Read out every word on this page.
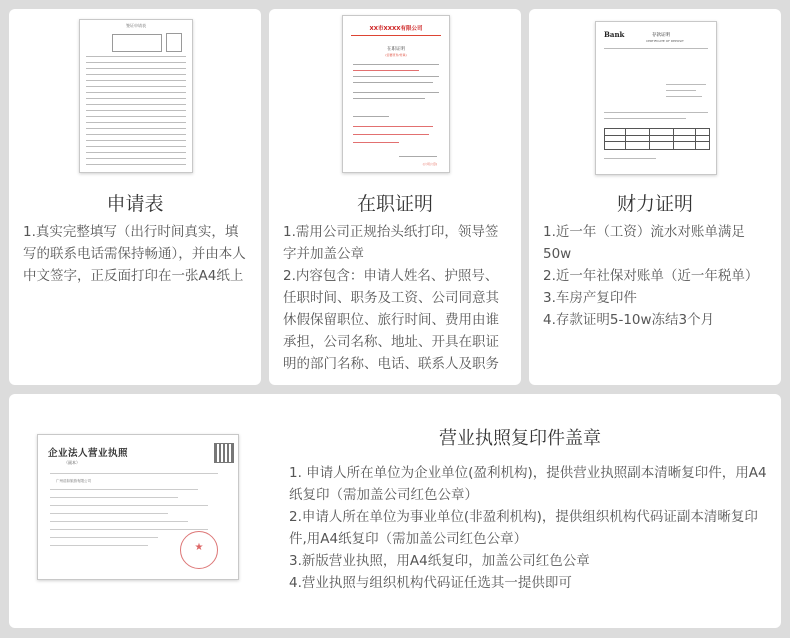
签证申请表
申请表

1.真实完整填写（出行时间真实，填写的联系电话需保持畅通），并由本人中文签字，正反面打印在一张A4纸上

XX市XXXX有限公司
在职证明
(需要原件/传真)
(公司公章)
在职证明

1.需用公司正规抬头纸打印，领导签字并加盖公章

2.内容包含：申请人姓名、护照号、任职时间、职务及工资、公司同意其休假保留职位、旅行时间、费用由谁承担，公司名称、地址、开具在职证明的部门名称、电话、联系人及职务

Bank	存款证明
CERTIFICATE OF DEPOSIT
财力证明

1.近一年（工资）流水对账单满足50w

2.近一年社保对账单（近一年税单）

3.车房产复印件

4.存款证明5-10w冻结3个月

企业法人营业执照
（副本）
广州浩如旅游有限公司
★
营业执照复印件盖章

1. 申请人所在单位为企业单位(盈利机构)，提供营业执照副本清晰复印件，用A4纸复印（需加盖公司红色公章）

2.申请人所在单位为事业单位(非盈利机构)，提供组织机构代码证副本清晰复印件,用A4纸复印（需加盖公司红色公章）

3.新版营业执照，用A4纸复印，加盖公司红色公章

4.营业执照与组织机构代码证任选其一提供即可
